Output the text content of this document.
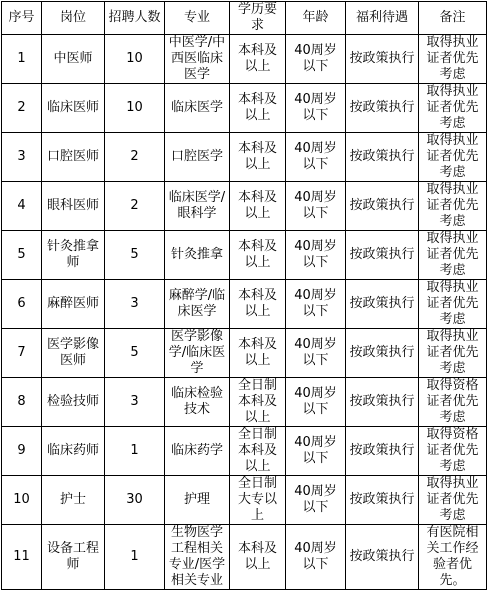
序号	岗位	招聘人数	专业	学历要求	年龄	福利待遇	备注
1	中医师	10	中医学/中西医临床医学	本科及以上	40周岁以下	按政策执行	取得执业证者优先考虑
2	临床医师	10	临床医学	本科及以上	40周岁以下	按政策执行	取得执业证者优先考虑
3	口腔医师	2	口腔医学	本科及以上	40周岁以下	按政策执行	取得执业证者优先考虑
4	眼科医师	2	临床医学/眼科学	本科及以上	40周岁以下	按政策执行	取得执业证者优先考虑
5	针灸推拿师	5	针灸推拿	本科及以上	40周岁以下	按政策执行	取得执业证者优先考虑
6	麻醉医师	3	麻醉学/临床医学	本科及以上	40周岁以下	按政策执行	取得执业证者优先考虑
7	医学影像医师	5	医学影像学/临床医学	本科及以上	40周岁以下	按政策执行	取得执业证者优先考虑
8	检验技师	3	临床检验技术	全日制本科及以上	40周岁以下	按政策执行	取得资格证者优先考虑
9	临床药师	1	临床药学	全日制本科及以上	40周岁以下	按政策执行	取得资格证者优先考虑
10	护士	30	护理	全日制大专以上	40周岁以下	按政策执行	取得执业证者优先考虑
11	设备工程师	1	生物医学工程相关专业/医学相关专业	本科及以上	40周岁以下	按政策执行	有医院相关工作经验者优先。
